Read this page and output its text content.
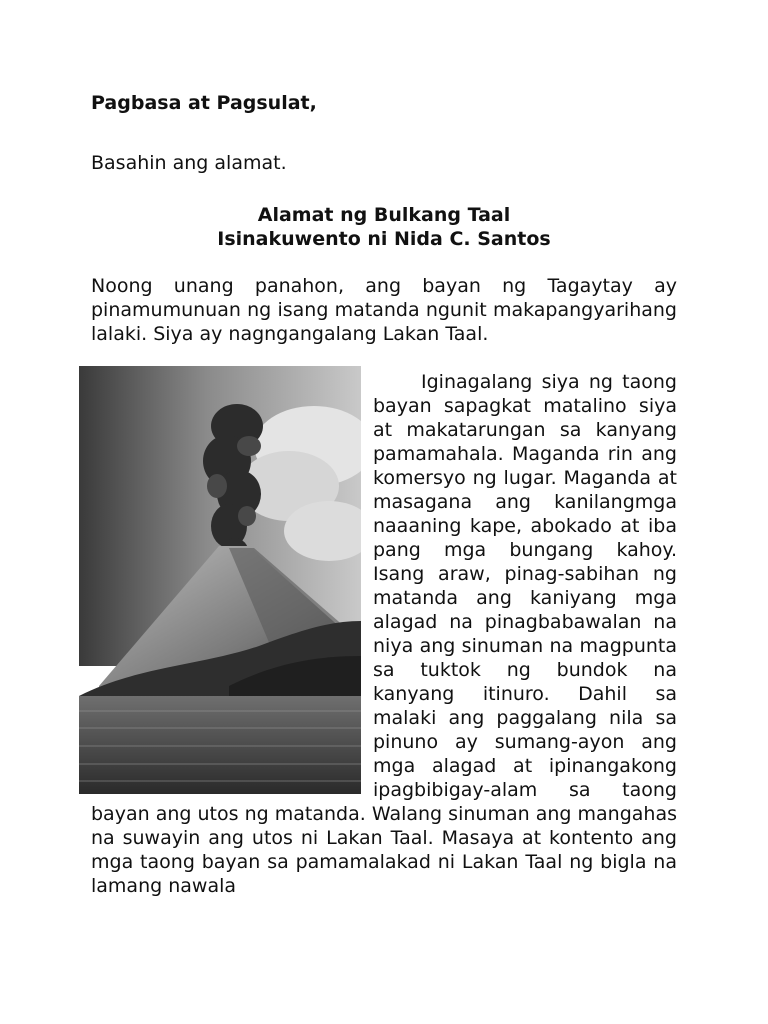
Pagbasa at Pagsulat,

Basahin ang alamat.

Alamat ng Bulkang Taal
Isinakuwento ni Nida C. Santos

Noong unang panahon, ang bayan ng Tagaytay ay pinamumunuan ng isang matanda ngunit makapangyarihang lalaki. Siya ay nagngangalang Lakan Taal.

Iginagalang siya ng taong bayan sapagkat matalino siya at makatarungan sa kanyang pamamahala. Maganda rin ang komersyo ng lugar. Maganda at masagana ang kanilangmga naaaning kape, abokado at iba pang mga bungang kahoy. Isang araw, pinag-sabihan ng matanda ang kaniyang mga alagad na pinagbabawalan na niya ang sinuman na magpunta sa tuktok ng bundok na kanyang itinuro. Dahil sa malaki ang paggalang nila sa pinuno ay sumang-ayon ang mga alagad at ipinangakong ipagbibigay-alam sa taong bayan ang utos ng matanda. Walang sinuman ang mangahas na suwayin ang utos ni Lakan Taal. Masaya at kontento ang mga taong bayan sa pamamalakad ni Lakan Taal ng bigla na lamang nawala
